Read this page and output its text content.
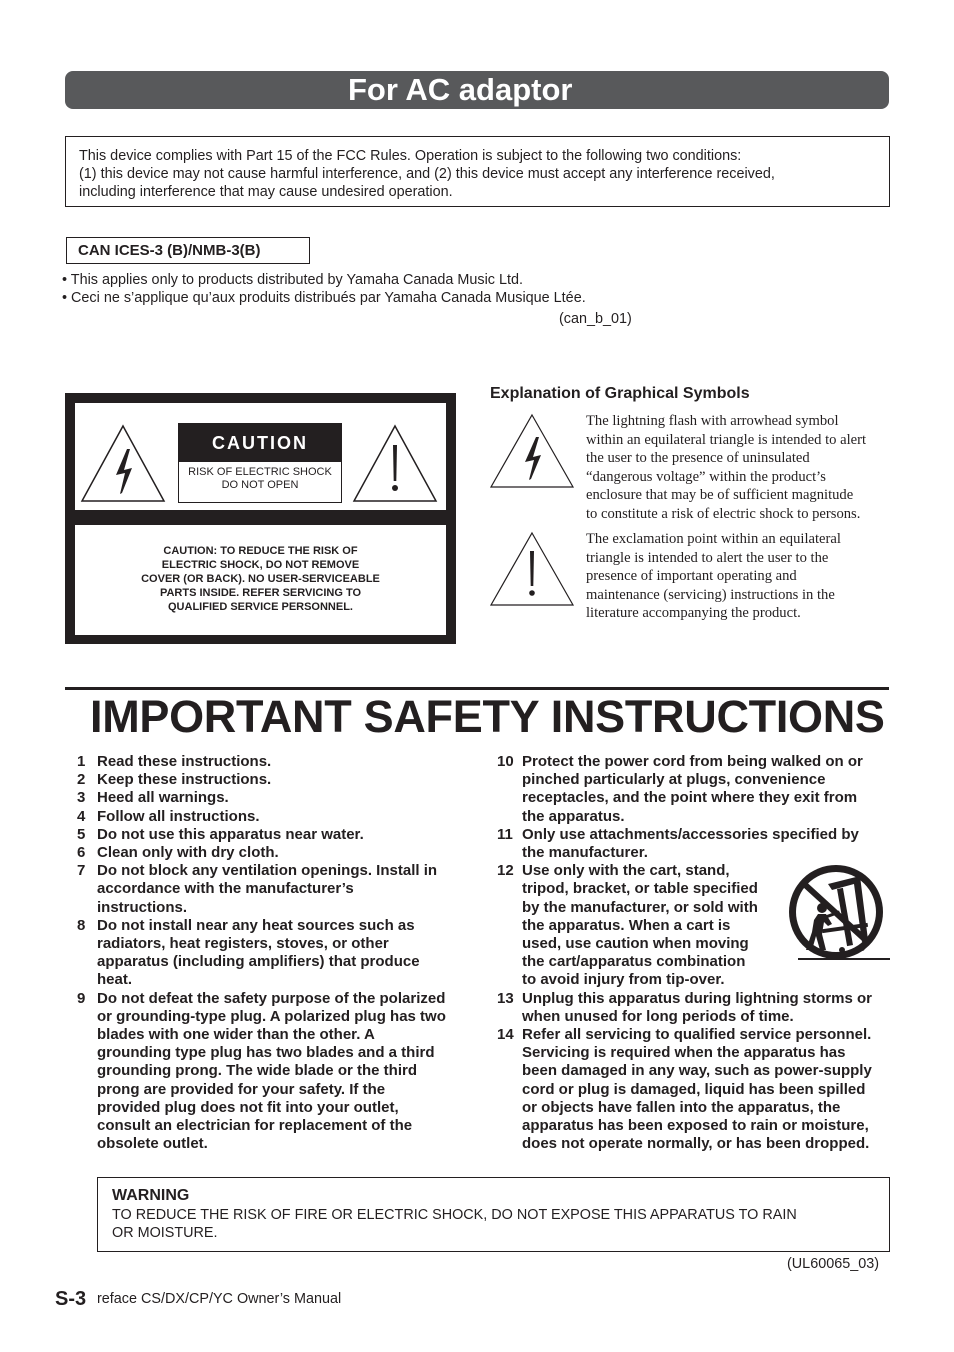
For AC adaptor

This device complies with Part 15 of the FCC Rules. Operation is subject to the following two conditions:

(1) this device may not cause harmful interference, and (2) this device must accept any interference received,

including interference that may cause undesired operation.

CAN ICES-3 (B)/NMB-3(B)
• This applies only to products distributed by Yamaha Canada Music Ltd.
• Ceci ne s’applique qu’aux produits distribués par Yamaha Canada Musique Ltée.
(can_b_01)
CAUTION
RISK OF ELECTRIC SHOCK
DO NOT OPEN
CAUTION: TO REDUCE THE RISK OF
ELECTRIC SHOCK, DO NOT REMOVE
COVER (OR BACK). NO USER-SERVICEABLE
PARTS INSIDE. REFER SERVICING TO
QUALIFIED SERVICE PERSONNEL.
Explanation of Graphical Symbols
The lightning flash with arrowhead symbol
within an equilateral triangle is intended to alert
the user to the presence of uninsulated
“dangerous voltage” within the product’s
enclosure that may be of sufficient magnitude
to constitute a risk of electric shock to persons.
The exclamation point within an equilateral
triangle is intended to alert the user to the
presence of important operating and
maintenance (servicing) instructions in the
literature accompanying the product.
IMPORTANT SAFETY INSTRUCTIONS
1 Read these instructions.
2 Keep these instructions.
3 Heed all warnings.
4 Follow all instructions.
5 Do not use this apparatus near water.
6 Clean only with dry cloth.
7 Do not block any ventilation openings. Install in
accordance with the manufacturer’s
instructions.
8 Do not install near any heat sources such as
radiators, heat registers, stoves, or other
apparatus (including amplifiers) that produce
heat.
9 Do not defeat the safety purpose of the polarized
or grounding-type plug. A polarized plug has two
blades with one wider than the other. A
grounding type plug has two blades and a third
grounding prong. The wide blade or the third
prong are provided for your safety. If the
provided plug does not fit into your outlet,
consult an electrician for replacement of the
obsolete outlet.
10 Protect the power cord from being walked on or
pinched particularly at plugs, convenience
receptacles, and the point where they exit from
the apparatus.
11 Only use attachments/accessories specified by
the manufacturer.
12 Use only with the cart, stand,
tripod, bracket, or table specified
by the manufacturer, or sold with
the apparatus. When a cart is
used, use caution when moving
the cart/apparatus combination
to avoid injury from tip-over.
13 Unplug this apparatus during lightning storms or
when unused for long periods of time.
14 Refer all servicing to qualified service personnel.
Servicing is required when the apparatus has
been damaged in any way, such as power-supply
cord or plug is damaged, liquid has been spilled
or objects have fallen into the apparatus, the
apparatus has been exposed to rain or moisture,
does not operate normally, or has been dropped.
WARNING
TO REDUCE THE RISK OF FIRE OR ELECTRIC SHOCK, DO NOT EXPOSE THIS APPARATUS TO RAIN
OR MOISTURE.
(UL60065_03)
S-3 reface CS/DX/CP/YC Owner’s Manual
